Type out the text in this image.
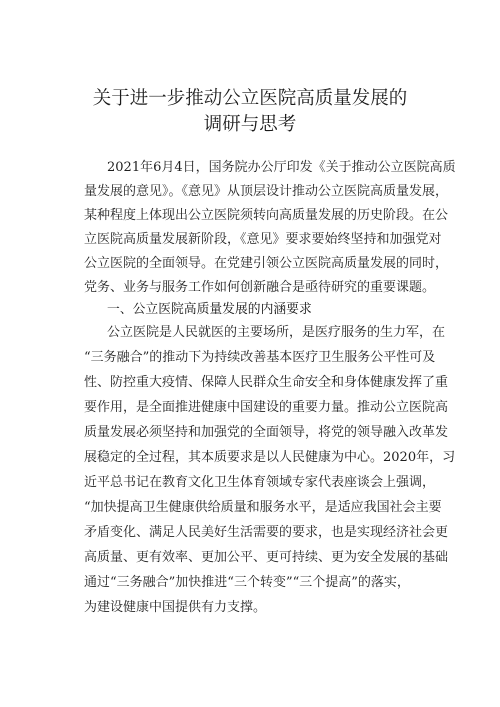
关于进一步推动公立医院高质量发展的
调研与思考

2021年6月4日，国务院办公厅印发《关于推动公立医院高质

量发展的意见》。《意见》从顶层设计推动公立医院高质量发展，

某种程度上体现出公立医院须转向高质量发展的历史阶段。在公

立医院高质量发展新阶段，《意见》要求要始终坚持和加强党对

公立医院的全面领导。在党建引领公立医院高质量发展的同时，

党务、业务与服务工作如何创新融合是亟待研究的重要课题。

一、公立医院高质量发展的内涵要求

公立医院是人民就医的主要场所，是医疗服务的生力军，在

“三务融合”的推动下为持续改善基本医疗卫生服务公平性可及

性、防控重大疫情、保障人民群众生命安全和身体健康发挥了重

要作用，是全面推进健康中国建设的重要力量。推动公立医院高

质量发展必须坚持和加强党的全面领导，将党的领导融入改革发

展稳定的全过程，其本质要求是以人民健康为中心。2020年，习

近平总书记在教育文化卫生体育领域专家代表座谈会上强调，

“加快提高卫生健康供给质量和服务水平，是适应我国社会主要

矛盾变化、满足人民美好生活需要的要求，也是实现经济社会更

高质量、更有效率、更加公平、更可持续、更为安全发展的基础

通过“三务融合”加快推进“三个转变”“三个提高”的落实，

为建设健康中国提供有力支撑。
